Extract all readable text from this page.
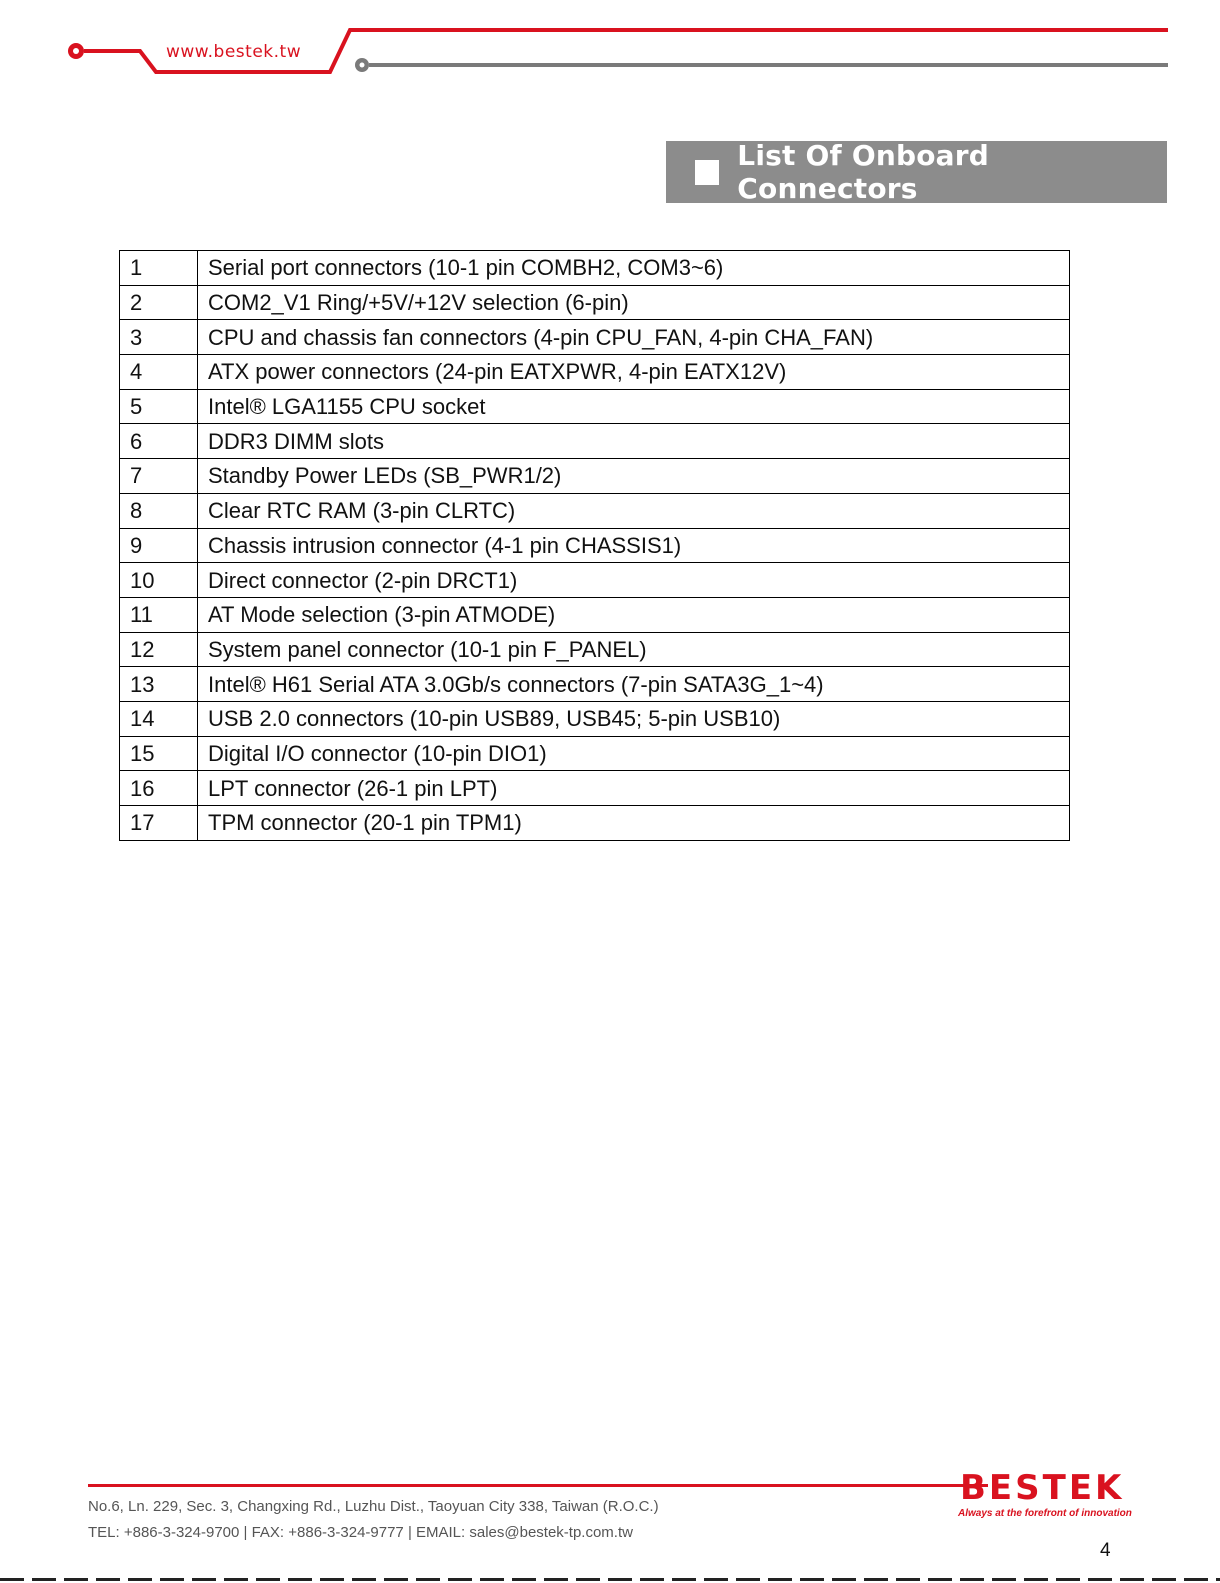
www.bestek.tw
List Of Onboard Connectors
1	Serial port connectors (10-1 pin COMBH2, COM3~6)
2	COM2_V1 Ring/+5V/+12V selection (6-pin)
3	CPU and chassis fan connectors (4-pin CPU_FAN, 4-pin CHA_FAN)
4	ATX power connectors (24-pin EATXPWR, 4-pin EATX12V)
5	Intel® LGA1155 CPU socket
6	DDR3 DIMM slots
7	Standby Power LEDs (SB_PWR1/2)
8	Clear RTC RAM (3-pin CLRTC)
9	Chassis intrusion connector (4-1 pin CHASSIS1)
10	Direct connector (2-pin DRCT1)
11	AT Mode selection (3-pin ATMODE)
12	System panel connector (10-1 pin F_PANEL)
13	Intel® H61 Serial ATA 3.0Gb/s connectors (7-pin SATA3G_1~4)
14	USB 2.0 connectors (10-pin USB89, USB45; 5-pin USB10)
15	Digital I/O connector (10-pin DIO1)
16	LPT connector (26-1 pin LPT)
17	TPM connector (20-1 pin TPM1)
No.6, Ln. 229, Sec. 3, Changxing Rd., Luzhu Dist., Taoyuan City 338, Taiwan (R.O.C.)
TEL: +886-3-324-9700 | FAX: +886-3-324-9777 | EMAIL: sales@bestek-tp.com.tw
BESTEK
Always at the forefront of innovation
4
